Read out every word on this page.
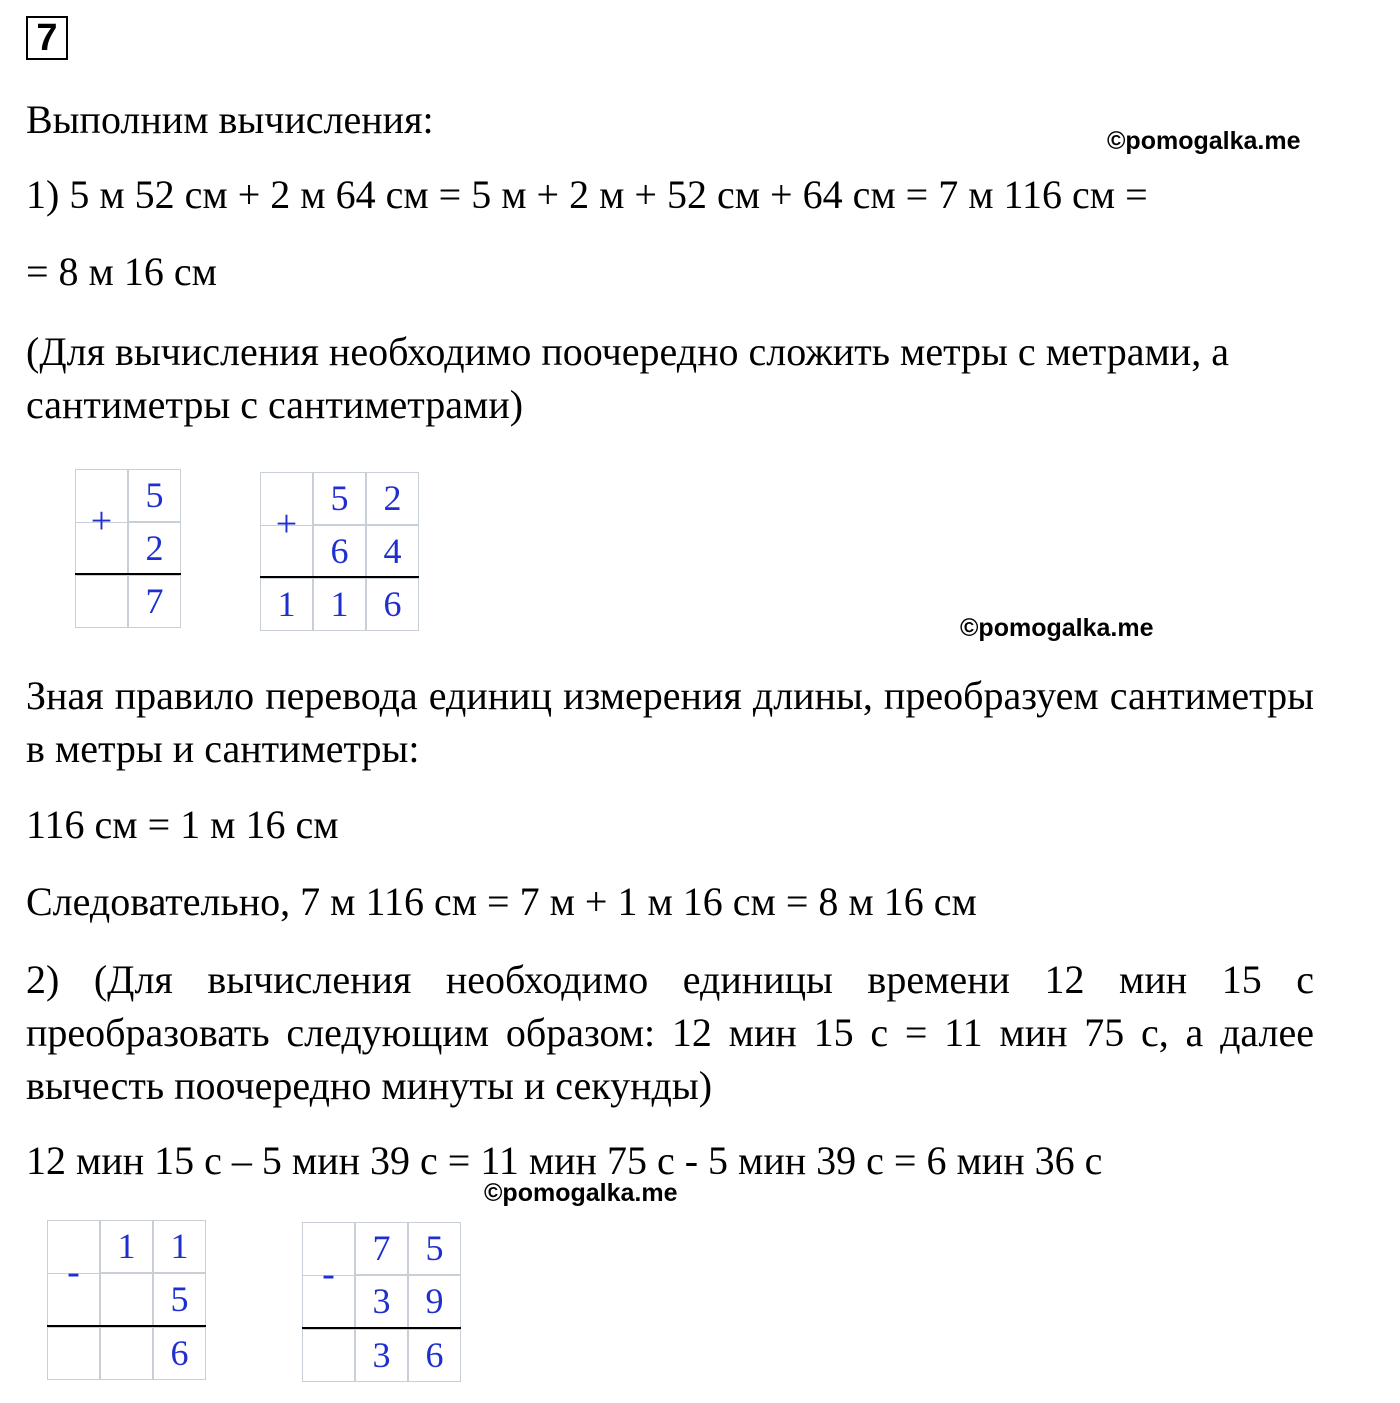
7
Выполним вычисления:	©pomogalka.me
1) 5 м 52 см + 2 м 64 см = 5 м + 2 м + 52 см + 64 см = 7 м 116 см =
= 8 м 16 см
(Для вычисления необходимо поочередно сложить метры с метрами, а сантиметры с сантиметрами)
+
5
2
7
+
5 2
6 4
1 1 6
©pomogalka.me
Зная правило перевода единиц измерения длины, преобразуем сантиметры в метры и сантиметры:
116 см = 1 м 16 см
Следовательно, 7 м 116 см = 7 м + 1 м 16 см = 8 м 16 см
2) (Для вычисления необходимо единицы времени 12 мин 15 с преобразовать следующим образом: 12 мин 15 с = 11 мин 75 с, а далее вычесть поочередно минуты и секунды)
12 мин 15 с – 5 мин 39 с = 11 мин 75 с - 5 мин 39 с = 6 мин 36 с
©pomogalka.me
-
1 1
5
6
-
7 5
3 9
3 6
